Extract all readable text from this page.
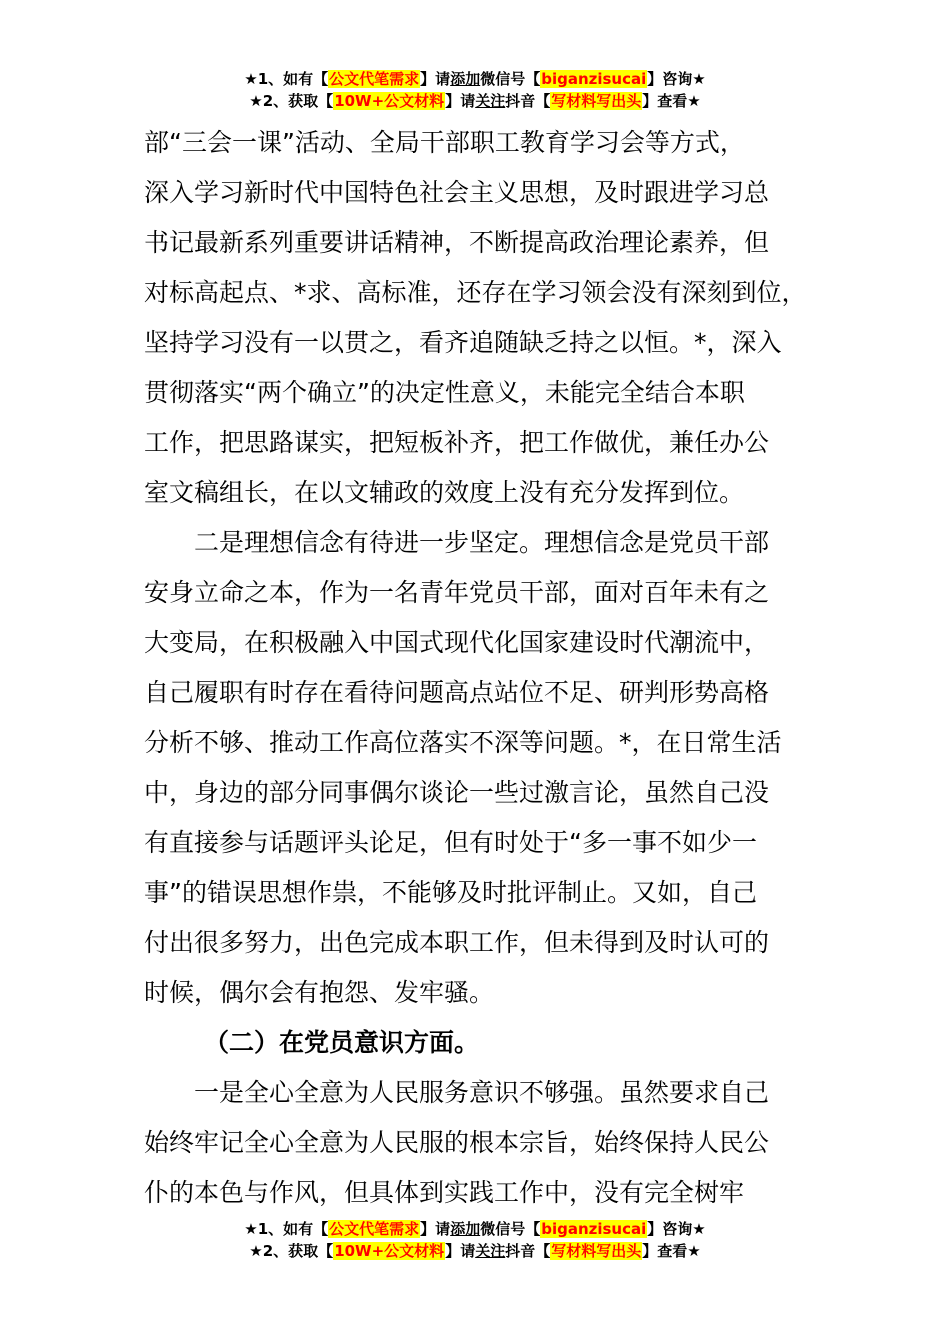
★1、如有【公文代笔需求】请添加微信号【biganzisucai】咨询★
★2、获取【10W+公文材料】请关注抖音【写材料写出头】查看★

部“三会一课”活动、全局干部职工教育学习会等方式，
深入学习新时代中国特色社会主义思想，及时跟进学习总
书记最新系列重要讲话精神，不断提高政治理论素养，但
对标高起点、*求、高标准，还存在学习领会没有深刻到位，
坚持学习没有一以贯之，看齐追随缺乏持之以恒。*，深入
贯彻落实“两个确立”的决定性意义，未能完全结合本职
工作，把思路谋实，把短板补齐，把工作做优，兼任办公
室文稿组长，在以文辅政的效度上没有充分发挥到位。

二是理想信念有待进一步坚定。理想信念是党员干部
安身立命之本，作为一名青年党员干部，面对百年未有之
大变局，在积极融入中国式现代化国家建设时代潮流中，
自己履职有时存在看待问题高点站位不足、研判形势高格
分析不够、推动工作高位落实不深等问题。*，在日常生活
中，身边的部分同事偶尔谈论一些过激言论，虽然自己没
有直接参与话题评头论足，但有时处于“多一事不如少一
事”的错误思想作祟，不能够及时批评制止。又如，自己
付出很多努力，出色完成本职工作，但未得到及时认可的
时候，偶尔会有抱怨、发牢骚。

（二）在党员意识方面。

一是全心全意为人民服务意识不够强。虽然要求自己
始终牢记全心全意为人民服的根本宗旨，始终保持人民公
仆的本色与作风，但具体到实践工作中，没有完全树牢

★1、如有【公文代笔需求】请添加微信号【biganzisucai】咨询★
★2、获取【10W+公文材料】请关注抖音【写材料写出头】查看★
